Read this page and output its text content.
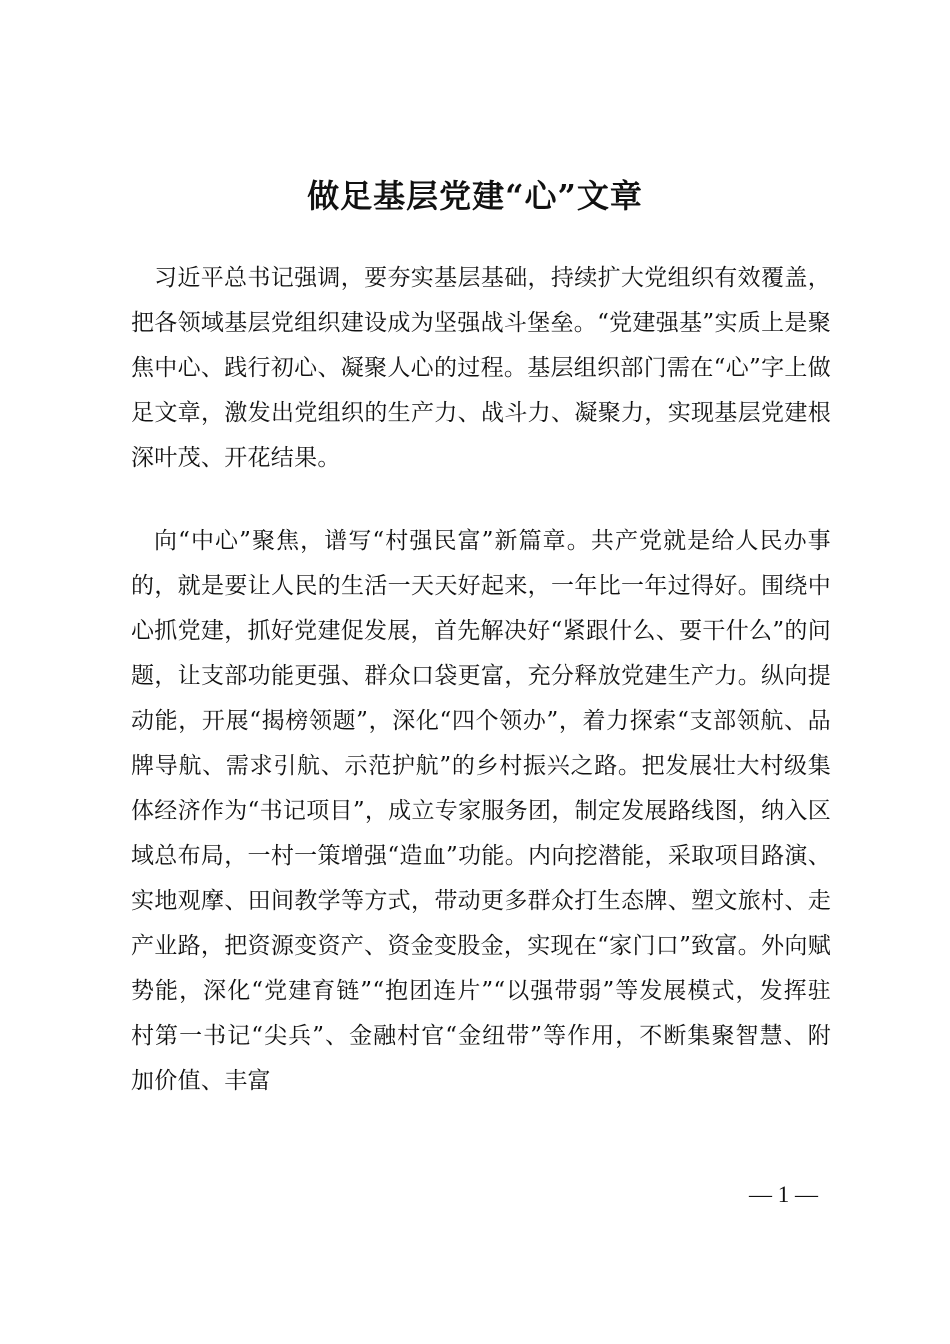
做足基层党建“心”文章

习近平总书记强调，要夯实基层基础，持续扩大党组织有效覆盖，把各领域基层党组织建设成为坚强战斗堡垒。“党建强基”实质上是聚焦中心、践行初心、凝聚人心的过程。基层组织部门需在“心”字上做足文章，激发出党组织的生产力、战斗力、凝聚力，实现基层党建根深叶茂、开花结果。

向“中心”聚焦，谱写“村强民富”新篇章。共产党就是给人民办事的，就是要让人民的生活一天天好起来，一年比一年过得好。围绕中心抓党建，抓好党建促发展，首先解决好“紧跟什么、要干什么”的问题，让支部功能更强、群众口袋更富，充分释放党建生产力。纵向提动能，开展“揭榜领题”，深化“四个领办”，着力探索“支部领航、品牌导航、需求引航、示范护航”的乡村振兴之路。把发展壮大村级集体经济作为“书记项目”，成立专家服务团，制定发展路线图，纳入区域总布局，一村一策增强“造血”功能。内向挖潜能，采取项目路演、实地观摩、田间教学等方式，带动更多群众打生态牌、塑文旅村、走产业路，把资源变资产、资金变股金，实现在“家门口”致富。外向赋势能，深化“党建育链”“抱团连片”“以强带弱”等发展模式，发挥驻村第一书记“尖兵”、金融村官“金纽带”等作用，不断集聚智慧、附加价值、丰富

— 1 —
